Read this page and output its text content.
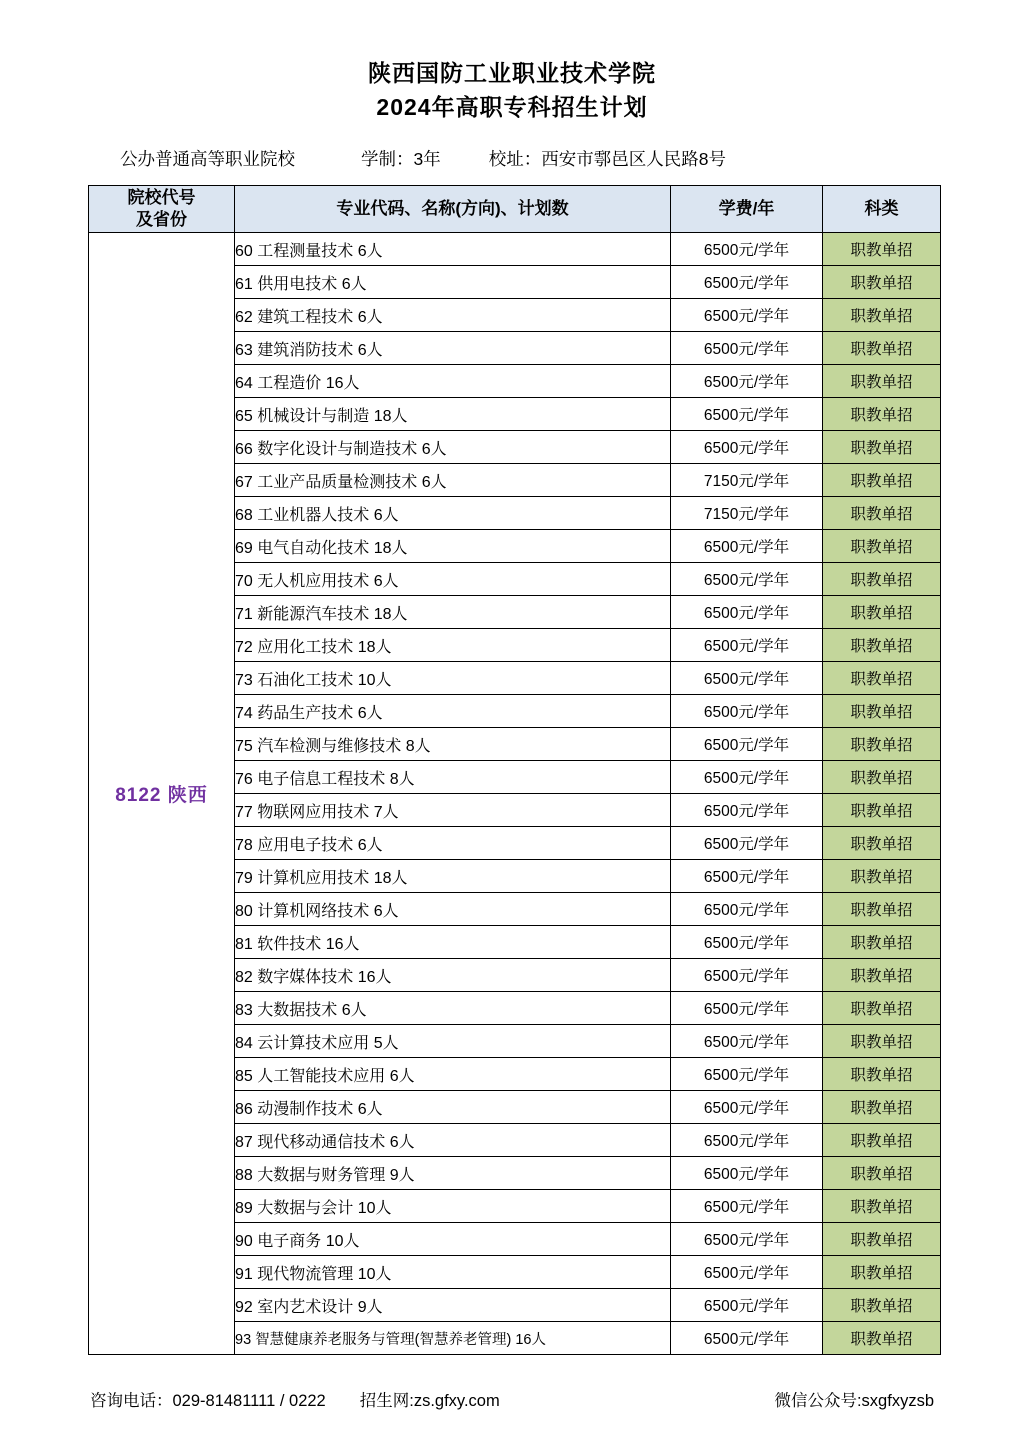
陕西国防工业职业技术学院
2024年高职专科招生计划
公办普通高等职业院校	学制：3年	校址：西安市鄠邑区人民路8号
院校代号
及省份	专业代码、名称(方向)、计划数	学费/年	科类
8122 陕西	60 工程测量技术 6人	6500元/学年	职教单招
	61 供用电技术 6人	6500元/学年	职教单招
	62 建筑工程技术 6人	6500元/学年	职教单招
	63 建筑消防技术 6人	6500元/学年	职教单招
	64 工程造价 16人	6500元/学年	职教单招
	65 机械设计与制造 18人	6500元/学年	职教单招
	66 数字化设计与制造技术 6人	6500元/学年	职教单招
	67 工业产品质量检测技术 6人	7150元/学年	职教单招
	68 工业机器人技术 6人	7150元/学年	职教单招
	69 电气自动化技术 18人	6500元/学年	职教单招
	70 无人机应用技术 6人	6500元/学年	职教单招
	71 新能源汽车技术 18人	6500元/学年	职教单招
	72 应用化工技术 18人	6500元/学年	职教单招
	73 石油化工技术 10人	6500元/学年	职教单招
	74 药品生产技术 6人	6500元/学年	职教单招
	75 汽车检测与维修技术 8人	6500元/学年	职教单招
	76 电子信息工程技术 8人	6500元/学年	职教单招
	77 物联网应用技术 7人	6500元/学年	职教单招
	78 应用电子技术 6人	6500元/学年	职教单招
	79 计算机应用技术 18人	6500元/学年	职教单招
	80 计算机网络技术 6人	6500元/学年	职教单招
	81 软件技术 16人	6500元/学年	职教单招
	82 数字媒体技术 16人	6500元/学年	职教单招
	83 大数据技术 6人	6500元/学年	职教单招
	84 云计算技术应用 5人	6500元/学年	职教单招
	85 人工智能技术应用 6人	6500元/学年	职教单招
	86 动漫制作技术 6人	6500元/学年	职教单招
	87 现代移动通信技术 6人	6500元/学年	职教单招
	88 大数据与财务管理 9人	6500元/学年	职教单招
	89 大数据与会计 10人	6500元/学年	职教单招
	90 电子商务 10人	6500元/学年	职教单招
	91 现代物流管理 10人	6500元/学年	职教单招
	92 室内艺术设计 9人	6500元/学年	职教单招
	93 智慧健康养老服务与管理(智慧养老管理) 16人	6500元/学年	职教单招
咨询电话：029-81481111 / 0222 招生网:zs.gfxy.com	微信公众号:sxgfxyzsb
